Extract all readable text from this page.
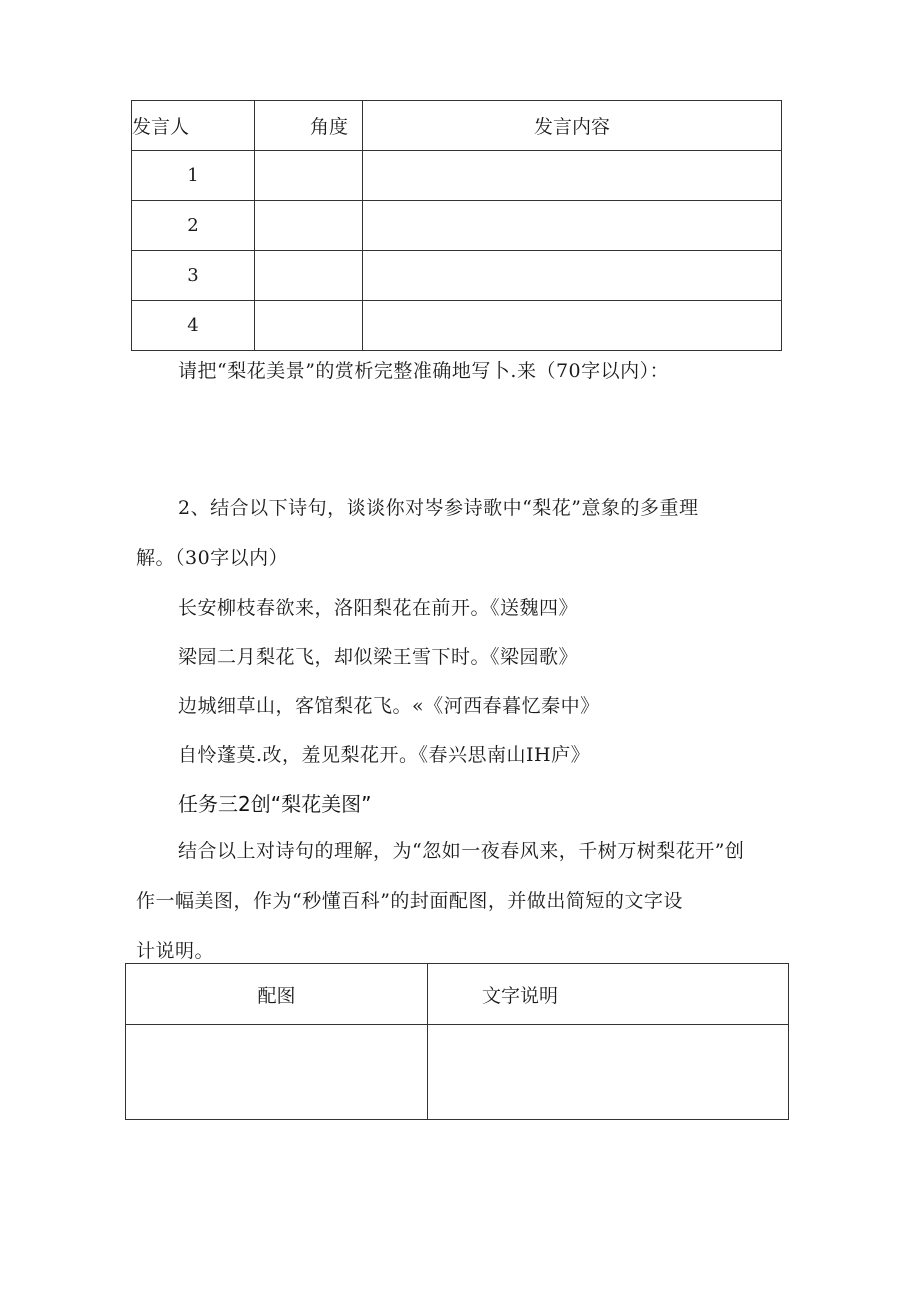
发言人	角度	发言内容
1		
2		
3		
4		
请把“梨花美景”的赏析完整准确地写卜.来（70字以内）：
2、结合以下诗句，谈谈你对岑参诗歌中“梨花”意象的多重理
解。（30字以内）
长安柳枝春欲来，洛阳梨花在前开。《送魏四》
梁园二月梨花飞，却似梁王雪下时。《梁园歌》
边城细草山，客馆梨花飞。«《河西春暮忆秦中》
自怜蓬莫.改，羞见梨花开。《春兴思南山IH庐》
任务三2创“梨花美图”
结合以上对诗句的理解，为“忽如一夜春风来，千树万树梨花开”创
作一幅美图，作为“秒懂百科”的封面配图，并做出简短的文字设
计说明。
配图	文字说明
